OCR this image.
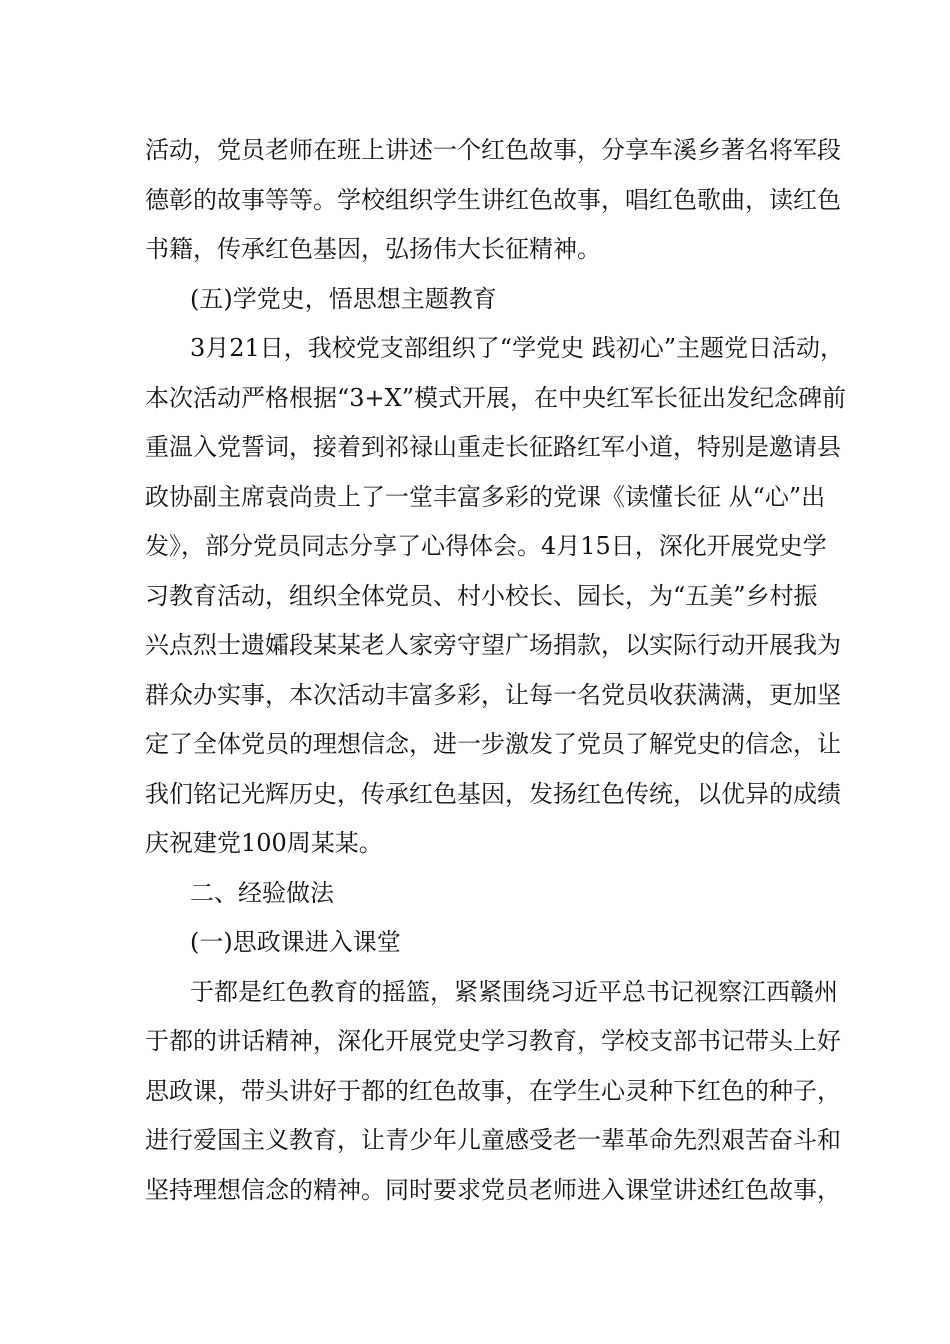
活动，党员老师在班上讲述一个红色故事，分享车溪乡著名将军段
德彰的故事等等。学校组织学生讲红色故事，唱红色歌曲，读红色
书籍，传承红色基因，弘扬伟大长征精神。
(五)学党史，悟思想主题教育
3月21日，我校党支部组织了“学党史 践初心”主题党日活动，
本次活动严格根据“3+X”模式开展，在中央红军长征出发纪念碑前
重温入党誓词，接着到祁禄山重走长征路红军小道，特别是邀请县
政协副主席袁尚贵上了一堂丰富多彩的党课《读懂长征 从“心”出
发》，部分党员同志分享了心得体会。4月15日，深化开展党史学
习教育活动，组织全体党员、村小校长、园长，为“五美”乡村振
兴点烈士遗孀段某某老人家旁守望广场捐款，以实际行动开展我为
群众办实事，本次活动丰富多彩，让每一名党员收获满满，更加坚
定了全体党员的理想信念，进一步激发了党员了解党史的信念，让
我们铭记光辉历史，传承红色基因，发扬红色传统，以优异的成绩
庆祝建党100周某某。
二、经验做法
(一)思政课进入课堂
于都是红色教育的摇篮，紧紧围绕习近平总书记视察江西赣州
于都的讲话精神，深化开展党史学习教育，学校支部书记带头上好
思政课，带头讲好于都的红色故事，在学生心灵种下红色的种子，
进行爱国主义教育，让青少年儿童感受老一辈革命先烈艰苦奋斗和
坚持理想信念的精神。同时要求党员老师进入课堂讲述红色故事，
